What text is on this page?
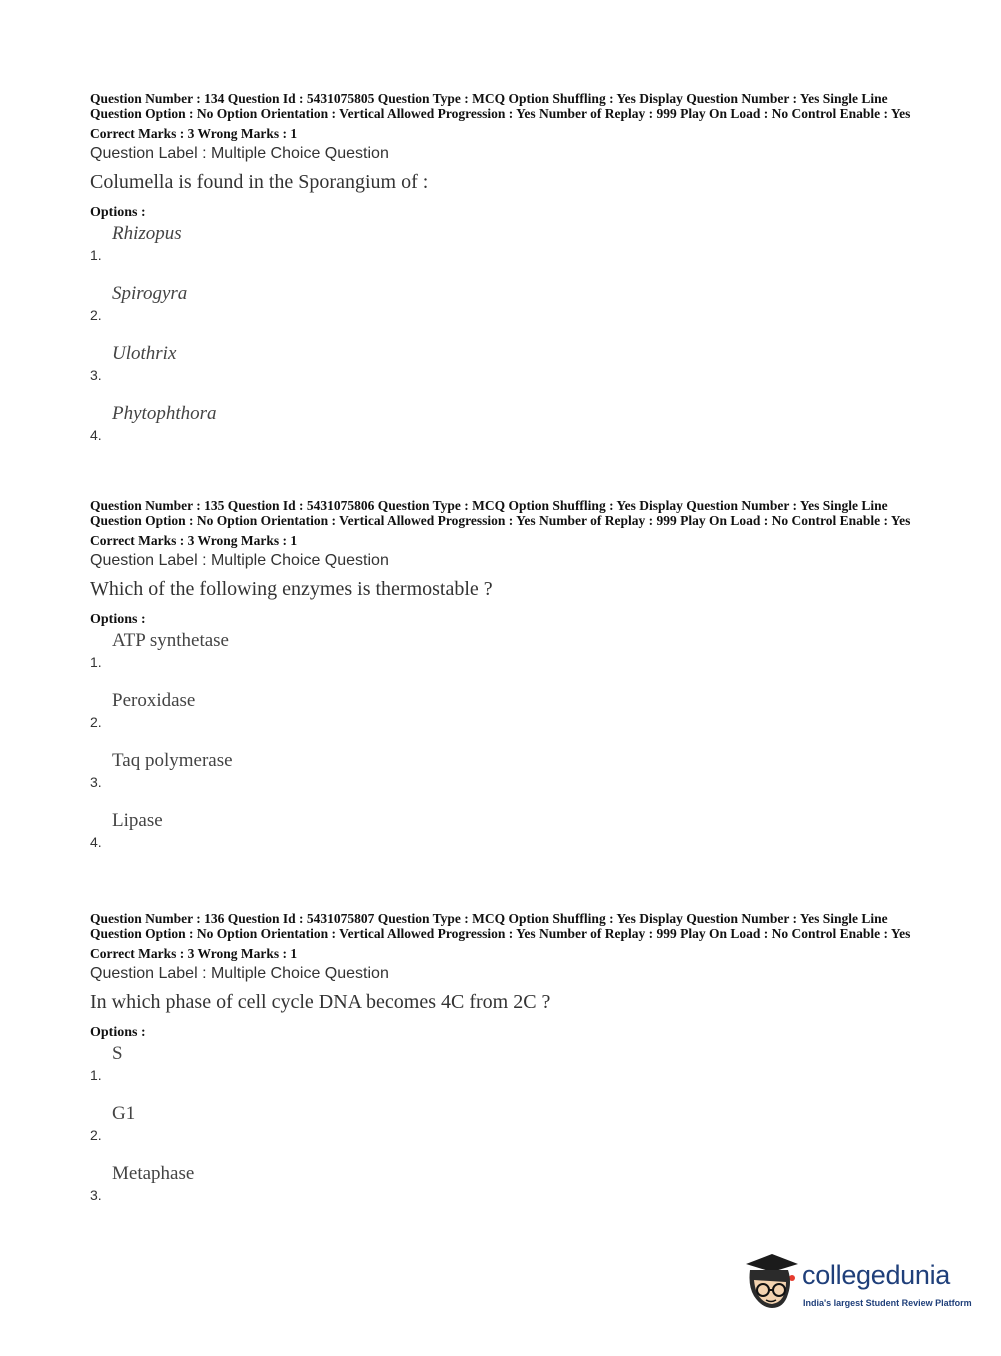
Question Number : 134 Question Id : 5431075805 Question Type : MCQ Option Shuffling : Yes Display Question Number : Yes Single Line Question Option : No Option Orientation : Vertical Allowed Progression : Yes Number of Replay : 999 Play On Load : No Control Enable : Yes

Correct Marks : 3 Wrong Marks : 1
Question Label : Multiple Choice Question
Columella is found in the Sporangium of :
Options :
1.
Rhizopus
2.
Spirogyra
3.
Ulothrix
4.
Phytophthora

Question Number : 135 Question Id : 5431075806 Question Type : MCQ Option Shuffling : Yes Display Question Number : Yes Single Line Question Option : No Option Orientation : Vertical Allowed Progression : Yes Number of Replay : 999 Play On Load : No Control Enable : Yes

Correct Marks : 3 Wrong Marks : 1
Question Label : Multiple Choice Question
Which of the following enzymes is thermostable ?
Options :
1.
ATP synthetase
2.
Peroxidase
3.
Taq polymerase
4.
Lipase

Question Number : 136 Question Id : 5431075807 Question Type : MCQ Option Shuffling : Yes Display Question Number : Yes Single Line Question Option : No Option Orientation : Vertical Allowed Progression : Yes Number of Replay : 999 Play On Load : No Control Enable : Yes

Correct Marks : 3 Wrong Marks : 1
Question Label : Multiple Choice Question
In which phase of cell cycle DNA becomes 4C from 2C ?
Options :
1.
S
2.
G1
3.
Metaphase
collegedunia
India's largest Student Review Platform
